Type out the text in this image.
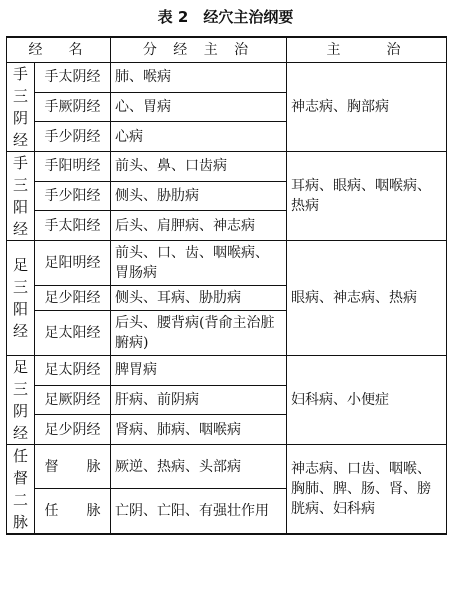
表 2　经穴主治纲要
经　名		分 经 主 治	主　　治
手三阴经	手太阴经	肺、喉病	神志病、胸部病
	手厥阴经	心、胃病	
	手少阴经	心病	
手三阳经	手阳明经	前头、鼻、口齿病	耳病、眼病、咽喉病、热病
	手少阳经	侧头、胁肋病	
	手太阳经	后头、肩胛病、神志病	
足三阳经	足阳明经	前头、口、齿、咽喉病、胃肠病	眼病、神志病、热病
	足少阳经	侧头、耳病、胁肋病	
	足太阳经	后头、腰背病(背俞主治脏腑病)	
足三阴经	足太阴经	脾胃病	妇科病、小便症
	足厥阴经	肝病、前阴病	
	足少阴经	肾病、肺病、咽喉病	
任督二脉	督　　脉	厥逆、热病、头部病	神志病、口齿、咽喉、胸肺、脾、肠、肾、膀胱病、妇科病
	任　　脉	亡阴、亡阳、有强壮作用	
